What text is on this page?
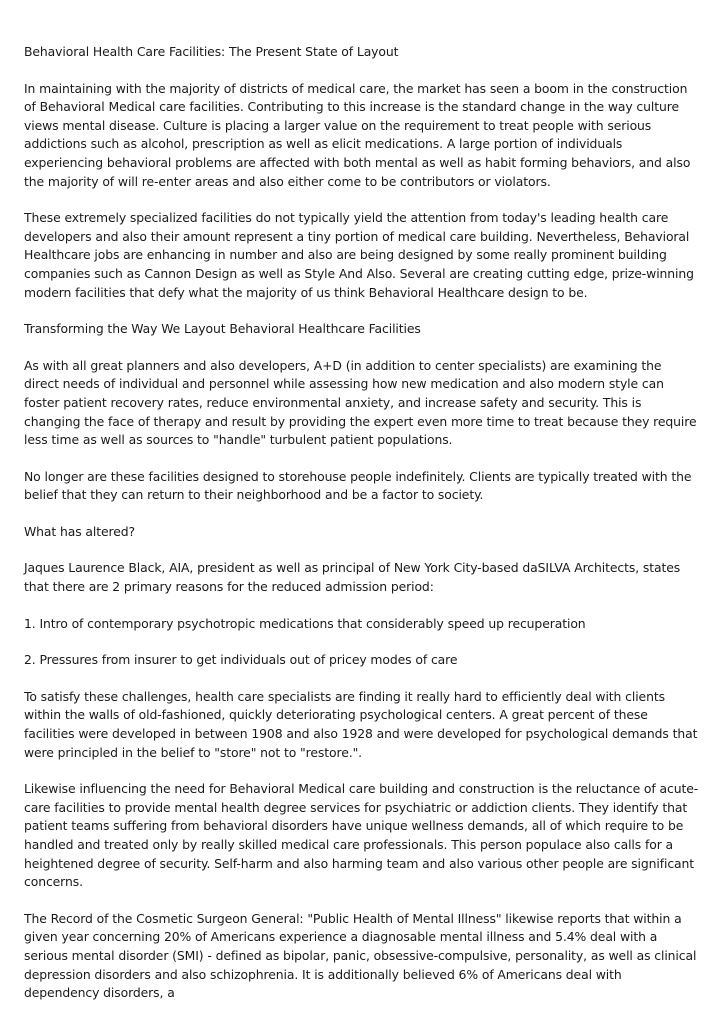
Behavioral Health Care Facilities: The Present State of Layout

In maintaining with the majority of districts of medical care, the market has seen a boom in the construction of Behavioral Medical care facilities. Contributing to this increase is the standard change in the way culture views mental disease. Culture is placing a larger value on the requirement to treat people with serious addictions such as alcohol, prescription as well as elicit medications. A large portion of individuals experiencing behavioral problems are affected with both mental as well as habit forming behaviors, and also the majority of will re-enter areas and also either come to be contributors or violators.

These extremely specialized facilities do not typically yield the attention from today's leading health care developers and also their amount represent a tiny portion of medical care building. Nevertheless, Behavioral Healthcare jobs are enhancing in number and also are being designed by some really prominent building companies such as Cannon Design as well as Style And Also. Several are creating cutting edge, prize-winning modern facilities that defy what the majority of us think Behavioral Healthcare design to be.

Transforming the Way We Layout Behavioral Healthcare Facilities

As with all great planners and also developers, A+D (in addition to center specialists) are examining the direct needs of individual and personnel while assessing how new medication and also modern style can foster patient recovery rates, reduce environmental anxiety, and increase safety and security. This is changing the face of therapy and result by providing the expert even more time to treat because they require less time as well as sources to "handle" turbulent patient populations.

No longer are these facilities designed to storehouse people indefinitely. Clients are typically treated with the belief that they can return to their neighborhood and be a factor to society.

What has altered?

Jaques Laurence Black, AIA, president as well as principal of New York City-based daSILVA Architects, states that there are 2 primary reasons for the reduced admission period:

1. Intro of contemporary psychotropic medications that considerably speed up recuperation

2. Pressures from insurer to get individuals out of pricey modes of care

To satisfy these challenges, health care specialists are finding it really hard to efficiently deal with clients within the walls of old-fashioned, quickly deteriorating psychological centers. A great percent of these facilities were developed in between 1908 and also 1928 and were developed for psychological demands that were principled in the belief to "store" not to "restore.".

Likewise influencing the need for Behavioral Medical care building and construction is the reluctance of acute-care facilities to provide mental health degree services for psychiatric or addiction clients. They identify that patient teams suffering from behavioral disorders have unique wellness demands, all of which require to be handled and treated only by really skilled medical care professionals. This person populace also calls for a heightened degree of security. Self-harm and also harming team and also various other people are significant concerns.

The Record of the Cosmetic Surgeon General: "Public Health of Mental Illness" likewise reports that within a given year concerning 20% of Americans experience a diagnosable mental illness and 5.4% deal with a serious mental disorder (SMI) - defined as bipolar, panic, obsessive-compulsive, personality, as well as clinical depression disorders and also schizophrenia. It is additionally believed 6% of Americans deal with dependency disorders, a
